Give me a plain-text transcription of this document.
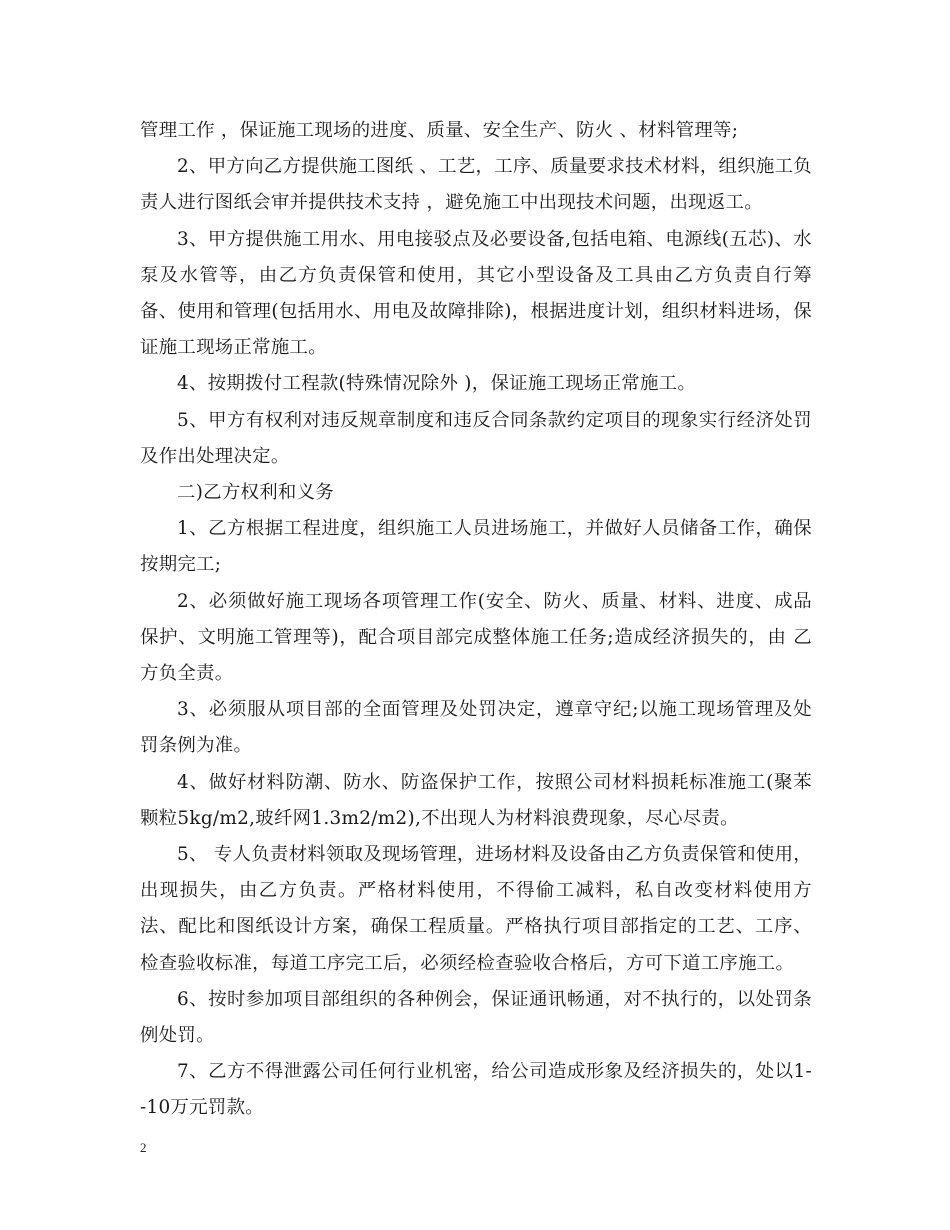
管理工作 ，保证施工现场的进度、质量、安全生产、防火 、材料管理等;

2、甲方向乙方提供施工图纸 、工艺，工序、质量要求技术材料，组织施工负责人进行图纸会审并提供技术支持 ，避免施工中出现技术问题，出现返工。

3、甲方提供施工用水、用电接驳点及必要设备,包括电箱、电源线(五芯)、水泵及水管等，由乙方负责保管和使用，其它小型设备及工具由乙方负责自行筹备、使用和管理(包括用水、用电及故障排除)，根据进度计划，组织材料进场，保证施工现场正常施工。

4、按期拨付工程款(特殊情况除外 )，保证施工现场正常施工。

5、甲方有权利对违反规章制度和违反合同条款约定项目的现象实行经济处罚及作出处理决定。

二)乙方权利和义务

1、乙方根据工程进度，组织施工人员进场施工，并做好人员储备工作，确保按期完工;

2、必须做好施工现场各项管理工作(安全、防火、质量、材料、进度、成品保护、文明施工管理等)，配合项目部完成整体施工任务;造成经济损失的，由 乙方负全责。

3、必须服从项目部的全面管理及处罚决定，遵章守纪;以施工现场管理及处罚条例为准。

4、做好材料防潮、防水、防盗保护工作，按照公司材料损耗标准施工(聚苯颗粒5kg/m2,玻纤网1.3m2/m2),不出现人为材料浪费现象，尽心尽责。

5、 专人负责材料领取及现场管理，进场材料及设备由乙方负责保管和使用，出现损失，由乙方负责。严格材料使用，不得偷工减料，私自改变材料使用方法、配比和图纸设计方案，确保工程质量。严格执行项目部指定的工艺、工序、检查验收标准，每道工序完工后，必须经检查验收合格后，方可下道工序施工。

6、按时参加项目部组织的各种例会，保证通讯畅通，对不执行的，以处罚条例处罚。

7、乙方不得泄露公司任何行业机密，给公司造成形象及经济损失的，处以1--10万元罚款。

2
